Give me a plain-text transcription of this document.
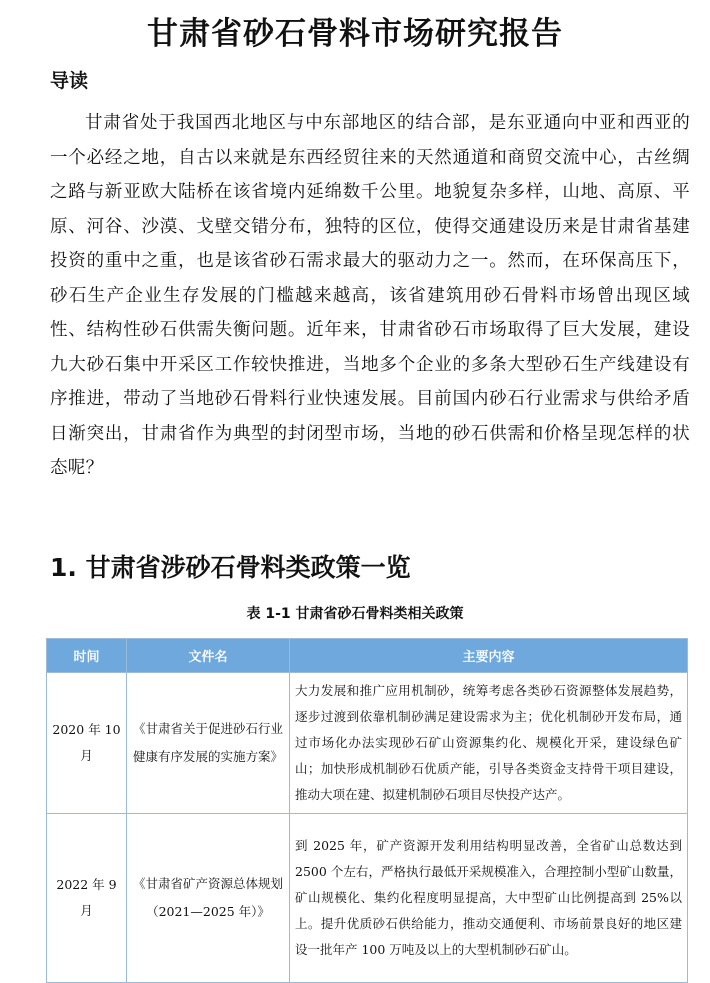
甘肃省砂石骨料市场研究报告
导读
甘肃省处于我国西北地区与中东部地区的结合部，是东亚通向中亚和西亚的一个必经之地，自古以来就是东西经贸往来的天然通道和商贸交流中心，古丝绸之路与新亚欧大陆桥在该省境内延绵数千公里。地貌复杂多样，山地、高原、平原、河谷、沙漠、戈壁交错分布，独特的区位，使得交通建设历来是甘肃省基建投资的重中之重，也是该省砂石需求最大的驱动力之一。然而，在环保高压下，砂石生产企业生存发展的门槛越来越高，该省建筑用砂石骨料市场曾出现区域性、结构性砂石供需失衡问题。近年来，甘肃省砂石市场取得了巨大发展，建设九大砂石集中开采区工作较快推进，当地多个企业的多条大型砂石生产线建设有序推进，带动了当地砂石骨料行业快速发展。目前国内砂石行业需求与供给矛盾日渐突出，甘肃省作为典型的封闭型市场，当地的砂石供需和价格呈现怎样的状态呢？
1. 甘肃省涉砂石骨料类政策一览
表 1-1 甘肃省砂石骨料类相关政策
时间	文件名	主要内容
2020 年 10 月	《甘肃省关于促进砂石行业健康有序发展的实施方案》	大力发展和推广应用机制砂，统筹考虑各类砂石资源整体发展趋势，逐步过渡到依靠机制砂满足建设需求为主；优化机制砂开发布局，通过市场化办法实现砂石矿山资源集约化、规模化开采，建设绿色矿山；加快形成机制砂石优质产能，引导各类资金支持骨干项目建设，推动大项在建、拟建机制砂石项目尽快投产达产。
2022 年 9 月	《甘肃省矿产资源总体规划（2021—2025 年）》	到 2025 年，矿产资源开发利用结构明显改善，全省矿山总数达到 2500 个左右，严格执行最低开采规模准入，合理控制小型矿山数量，矿山规模化、集约化程度明显提高，大中型矿山比例提高到 25%以上。提升优质砂石供给能力，推动交通便利、市场前景良好的地区建设一批年产 100 万吨及以上的大型机制砂石矿山。
